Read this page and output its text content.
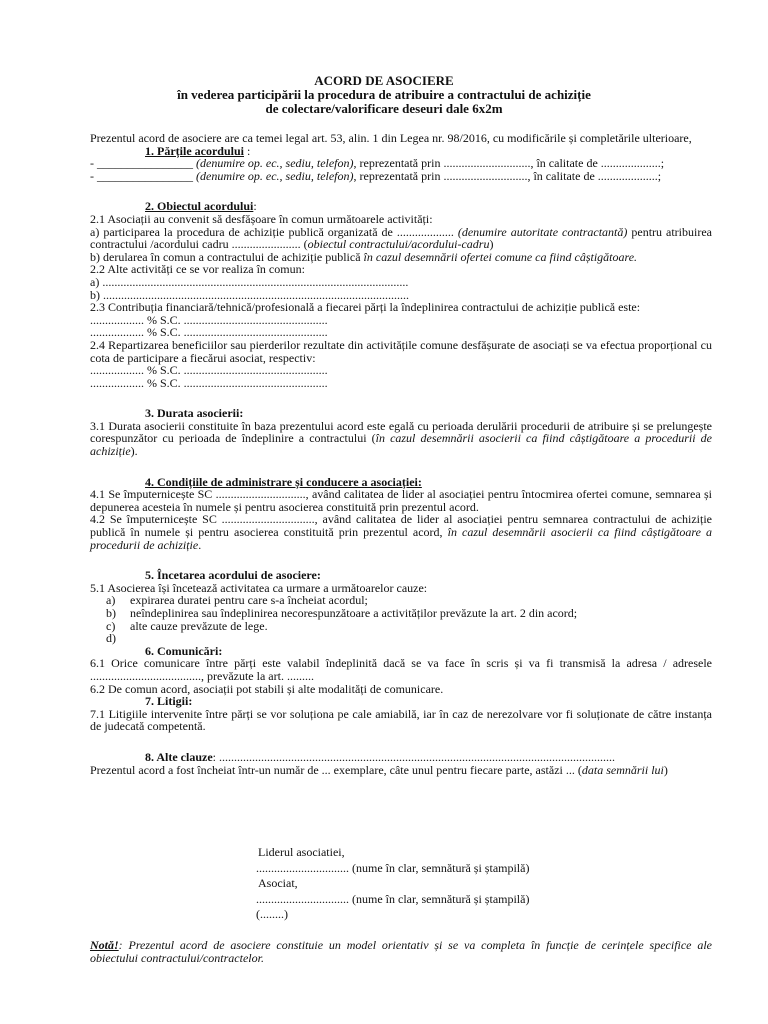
ACORD DE ASOCIERE
în vederea participării la procedura de atribuire a contractului de achiziție
de colectare/valorificare deseuri dale 6x2m
Prezentul acord de asociere are ca temei legal art. 53, alin. 1 din Legea nr. 98/2016, cu modificările și completările ulterioare,
1. Părțile acordului :
- ________________ (denumire op. ec., sediu, telefon), reprezentată prin ............................., în calitate de ....................;
- ________________ (denumire op. ec., sediu, telefon), reprezentată prin ............................, în calitate de ....................;
2. Obiectul acordului:
2.1 Asociații au convenit să desfășoare în comun următoarele activități:
a) participarea la procedura de achiziție publică organizată de ................... (denumire autoritate contractantă) pentru atribuirea contractului /acordului cadru ....................... (obiectul contractului/acordului-cadru)
b) derularea în comun a contractului de achiziție publică în cazul desemnării ofertei comune ca fiind câștigătoare.
2.2 Alte activități ce se vor realiza în comun:
a) ......................................................................................................
b) ......................................................................................................
2.3 Contribuția financiară/tehnică/profesională a fiecarei părți la îndeplinirea contractului de achiziție publică este:
.................. % S.C. ................................................
.................. % S.C. ................................................
2.4 Repartizarea beneficiilor sau pierderilor rezultate din activitățile comune desfășurate de asociați se va efectua proporțional cu cota de participare a fiecărui asociat, respectiv:
.................. % S.C. ................................................
.................. % S.C. ................................................
3. Durata asocierii:
3.1 Durata asocierii constituite în baza prezentului acord este egală cu perioada derulării procedurii de atribuire și se prelungește corespunzător cu perioada de îndeplinire a contractului (în cazul desemnării asocierii ca fiind câștigătoare a procedurii de achiziție).
4. Condițiile de administrare și conducere a asociației:
4.1 Se împuternicește SC .............................., având calitatea de lider al asociației pentru întocmirea ofertei comune, semnarea și depunerea acesteia în numele și pentru asocierea constituită prin prezentul acord.
4.2 Se împuternicește SC ..............................., având calitatea de lider al asociației pentru semnarea contractului de achiziție publică în numele și pentru asocierea constituită prin prezentul acord, în cazul desemnării asocierii ca fiind câștigătoare a procedurii de achiziție.
5. Încetarea acordului de asociere:
5.1 Asocierea își încetează activitatea ca urmare a următoarelor cauze:
a) expirarea duratei pentru care s-a încheiat acordul;
b) neîndeplinirea sau îndeplinirea necorespunzătoare a activităților prevăzute la art. 2 din acord;
c) alte cauze prevăzute de lege.
d)
6. Comunicări:
6.1 Orice comunicare între părți este valabil îndeplinită dacă se va face în scris și va fi transmisă la adresa / adresele ....................................., prevăzute la art. .........
6.2 De comun acord, asociații pot stabili și alte modalități de comunicare.
7. Litigii:
7.1 Litigiile intervenite între părți se vor soluționa pe cale amiabilă, iar în caz de nerezolvare vor fi soluționate de către instanța de judecată competentă.
8. Alte clauze: ....................................................................................................................................
Prezentul acord a fost încheiat într-un număr de ... exemplare, câte unul pentru fiecare parte, astăzi ... (data semnării lui)
Liderul asociatiei,
............................... (nume în clar, semnătură și ștampilă)
Asociat,
............................... (nume în clar, semnătură și ștampilă)
(........)
Notă!: Prezentul acord de asociere constituie un model orientativ și se va completa în funcție de cerințele specifice ale obiectului contractului/contractelor.
